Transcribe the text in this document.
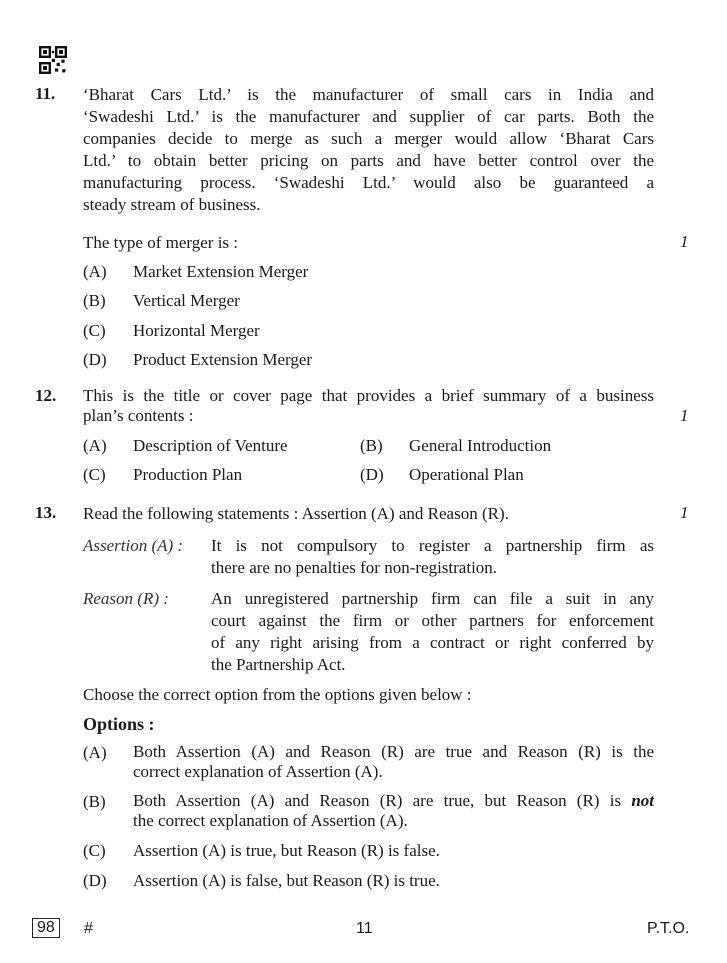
11. ‘Bharat Cars Ltd.’ is the manufacturer of small cars in India and
‘Swadeshi Ltd.’ is the manufacturer and supplier of car parts. Both the
companies decide to merge as such a merger would allow ‘Bharat Cars
Ltd.’ to obtain better pricing on parts and have better control over the
manufacturing process. ‘Swadeshi Ltd.’ would also be guaranteed a
steady stream of business.
The type of merger is :	1
(A) Market Extension Merger
(B) Vertical Merger
(C) Horizontal Merger
(D) Product Extension Merger
12. This is the title or cover page that provides a brief summary of a business
plan’s contents :	1
(A) Description of Venture	(B) General Introduction
(C) Production Plan	(D) Operational Plan
13. Read the following statements : Assertion (A) and Reason (R).	1
Assertion (A) : It is not compulsory to register a partnership firm as
there are no penalties for non-registration.
Reason (R) : An unregistered partnership firm can file a suit in any
court against the firm or other partners for enforcement
of any right arising from a contract or right conferred by
the Partnership Act.
Choose the correct option from the options given below :
Options :
(A) Both Assertion (A) and Reason (R) are true and Reason (R) is the
correct explanation of Assertion (A).
(B) Both Assertion (A) and Reason (R) are true, but Reason (R) is not
the correct explanation of Assertion (A).
(C) Assertion (A) is true, but Reason (R) is false.
(D) Assertion (A) is false, but Reason (R) is true.
98	#	11	P.T.O.
